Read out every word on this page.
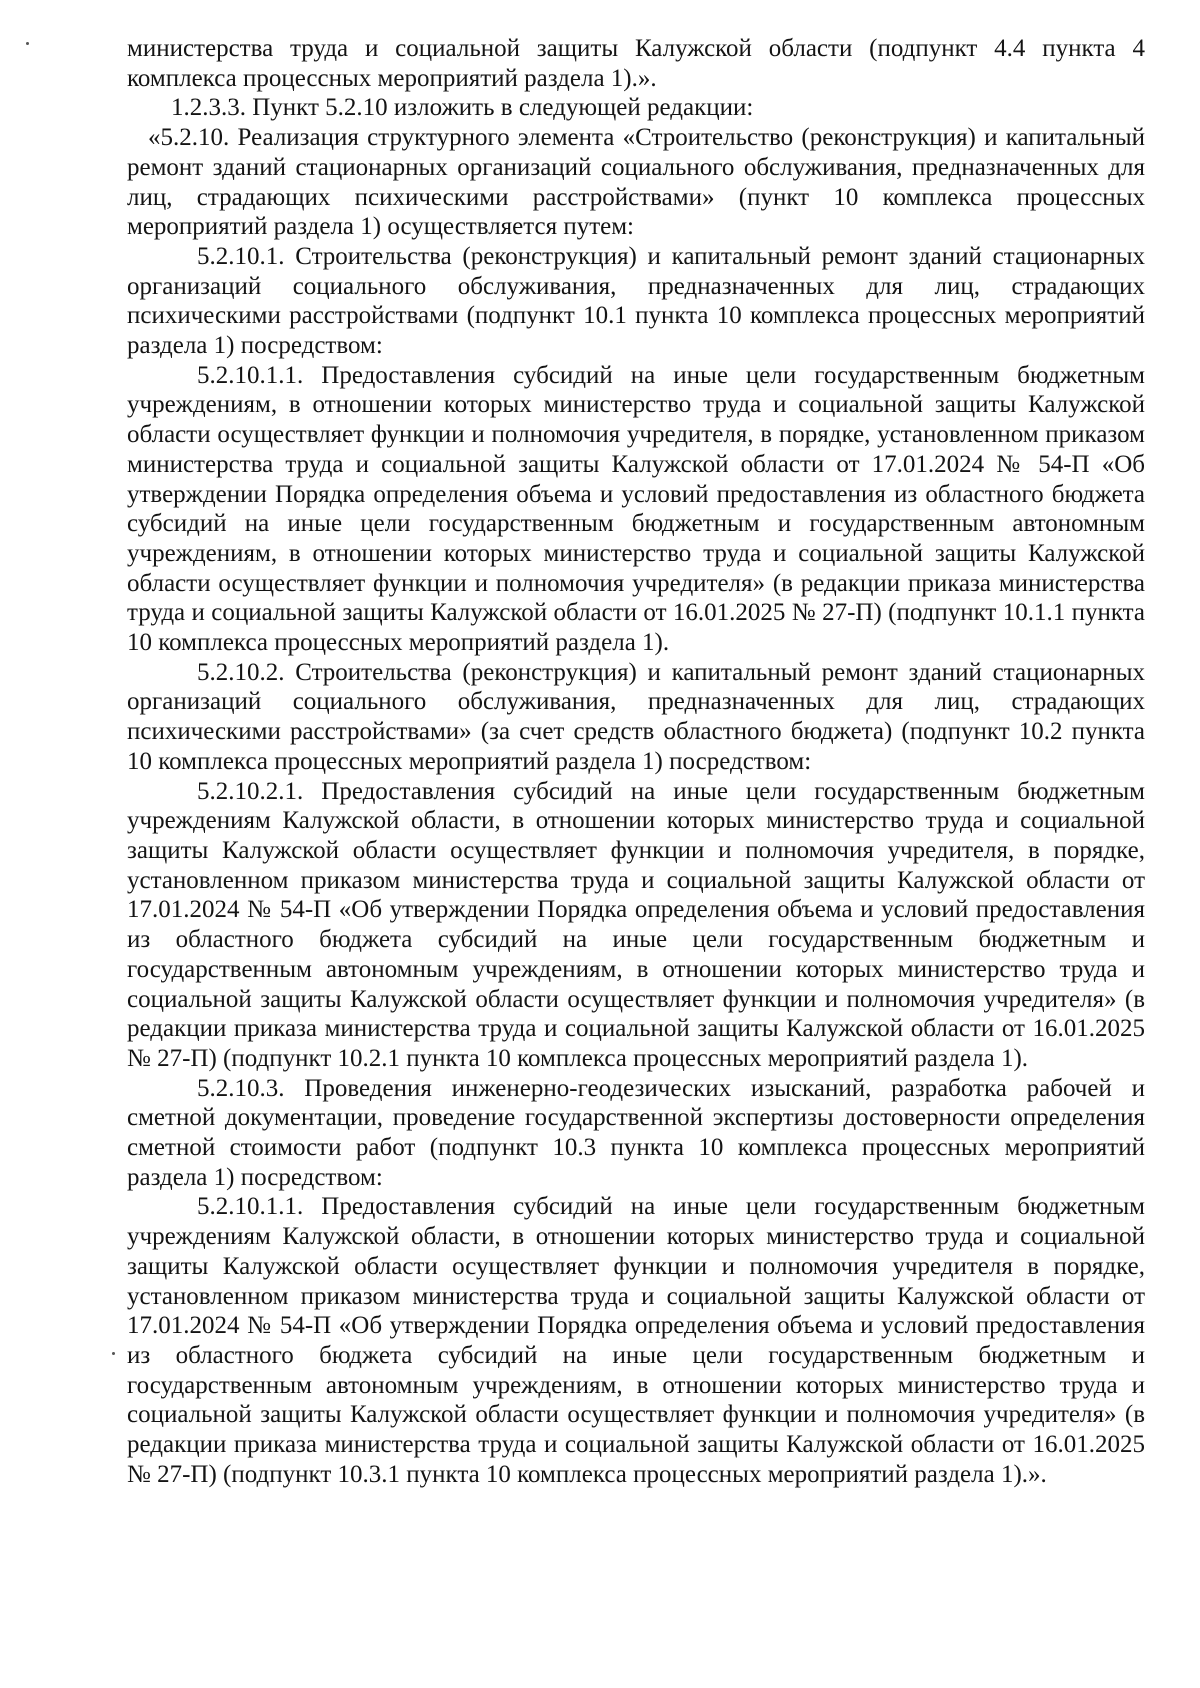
министерства труда и социальной защиты Калужской области (подпункт 4.4 пункта 4 комплекса процессных мероприятий раздела 1).».

1.2.3.3. Пункт 5.2.10 изложить в следующей редакции:

«5.2.10. Реализация структурного элемента «Строительство (реконструкция) и капитальный ремонт зданий стационарных организаций социального обслуживания, предназначенных для лиц, страдающих психическими расстройствами» (пункт 10 комплекса процессных мероприятий раздела 1) осуществляется путем:

5.2.10.1. Строительства (реконструкция) и капитальный ремонт зданий стационарных организаций социального обслуживания, предназначенных для лиц, страдающих психическими расстройствами (подпункт 10.1 пункта 10 комплекса процессных мероприятий раздела 1) посредством:

5.2.10.1.1. Предоставления субсидий на иные цели государственным бюджетным учреждениям, в отношении которых министерство труда и социальной защиты Калужской области осуществляет функции и полномочия учредителя, в порядке, установленном приказом министерства труда и социальной защиты Калужской области от 17.01.2024 № 54-П «Об утверждении Порядка определения объема и условий предоставления из областного бюджета субсидий на иные цели государственным бюджетным и государственным автономным учреждениям, в отношении которых министерство труда и социальной защиты Калужской области осуществляет функции и полномочия учредителя» (в редакции приказа министерства труда и социальной защиты Калужской области от 16.01.2025 № 27-П) (подпункт 10.1.1 пункта 10 комплекса процессных мероприятий раздела 1).

5.2.10.2. Строительства (реконструкция) и капитальный ремонт зданий стационарных организаций социального обслуживания, предназначенных для лиц, страдающих психическими расстройствами» (за счет средств областного бюджета) (подпункт 10.2 пункта 10 комплекса процессных мероприятий раздела 1) посредством:

5.2.10.2.1. Предоставления субсидий на иные цели государственным бюджетным учреждениям Калужской области, в отношении которых министерство труда и социальной защиты Калужской области осуществляет функции и полномочия учредителя, в порядке, установленном приказом министерства труда и социальной защиты Калужской области от 17.01.2024 № 54-П «Об утверждении Порядка определения объема и условий предоставления из областного бюджета субсидий на иные цели государственным бюджетным и государственным автономным учреждениям, в отношении которых министерство труда и социальной защиты Калужской области осуществляет функции и полномочия учредителя» (в редакции приказа министерства труда и социальной защиты Калужской области от 16.01.2025 № 27-П) (подпункт 10.2.1 пункта 10 комплекса процессных мероприятий раздела 1).

5.2.10.3. Проведения инженерно-геодезических изысканий, разработка рабочей и сметной документации, проведение государственной экспертизы достоверности определения сметной стоимости работ (подпункт 10.3 пункта 10 комплекса процессных мероприятий раздела 1) посредством:

5.2.10.1.1. Предоставления субсидий на иные цели государственным бюджетным учреждениям Калужской области, в отношении которых министерство труда и социальной защиты Калужской области осуществляет функции и полномочия учредителя в порядке, установленном приказом министерства труда и социальной защиты Калужской области от 17.01.2024 № 54-П «Об утверждении Порядка определения объема и условий предоставления из областного бюджета субсидий на иные цели государственным бюджетным и государственным автономным учреждениям, в отношении которых министерство труда и социальной защиты Калужской области осуществляет функции и полномочия учредителя» (в редакции приказа министерства труда и социальной защиты Калужской области от 16.01.2025 № 27-П) (подпункт 10.3.1 пункта 10 комплекса процессных мероприятий раздела 1).».
